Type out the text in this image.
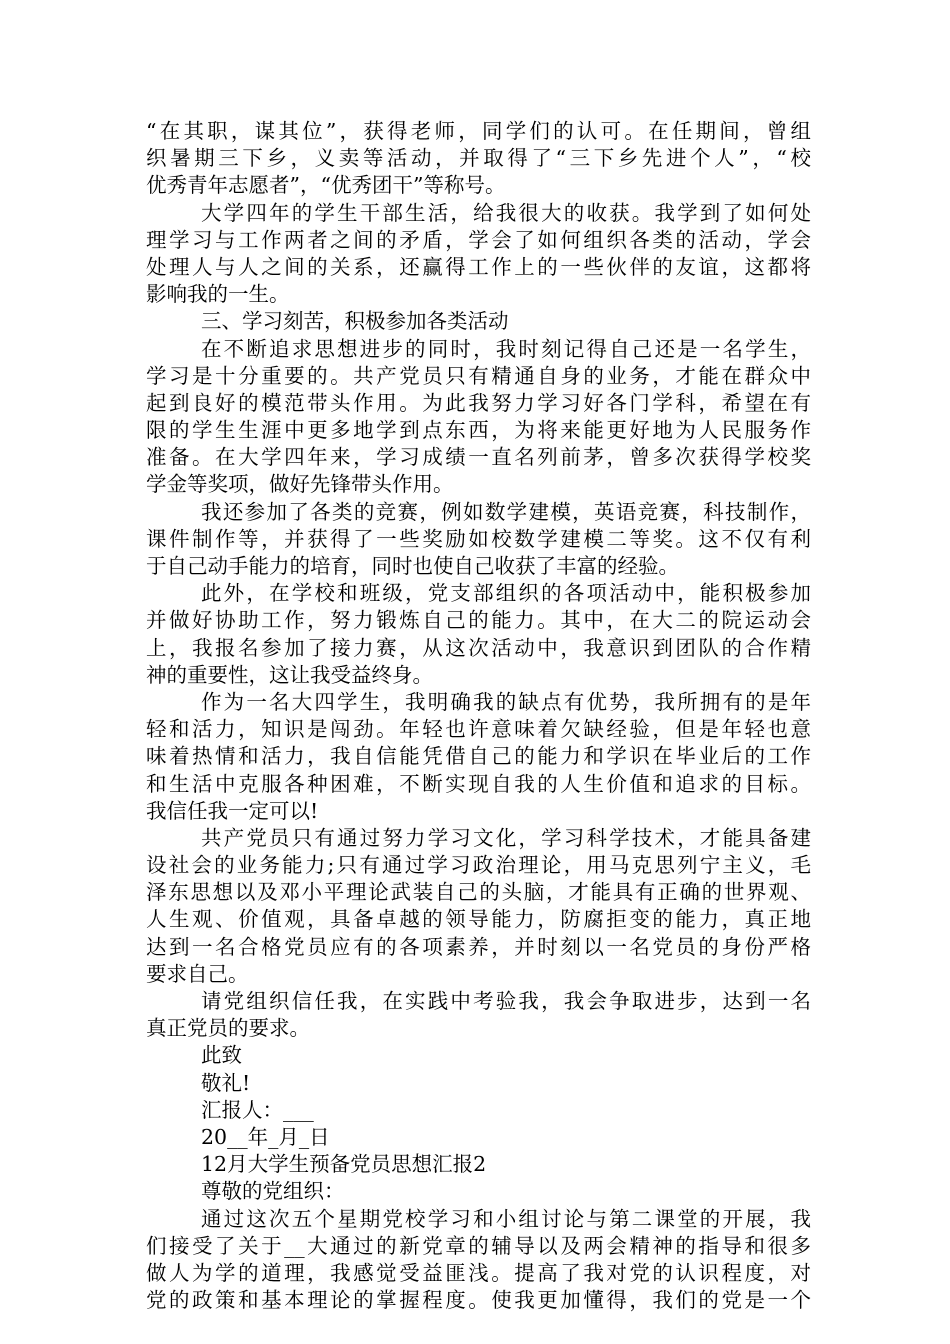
“在其职，谋其位”，获得老师，同学们的认可。在任期间，曾组
织暑期三下乡，义卖等活动，并取得了“三下乡先进个人”，“校
优秀青年志愿者”，“优秀团干”等称号。
大学四年的学生干部生活，给我很大的收获。我学到了如何处
理学习与工作两者之间的矛盾，学会了如何组织各类的活动，学会
处理人与人之间的关系，还赢得工作上的一些伙伴的友谊，这都将
影响我的一生。
三、学习刻苦，积极参加各类活动
在不断追求思想进步的同时，我时刻记得自己还是一名学生，
学习是十分重要的。共产党员只有精通自身的业务，才能在群众中
起到良好的模范带头作用。为此我努力学习好各门学科，希望在有
限的学生生涯中更多地学到点东西，为将来能更好地为人民服务作
准备。在大学四年来，学习成绩一直名列前茅，曾多次获得学校奖
学金等奖项，做好先锋带头作用。
我还参加了各类的竞赛，例如数学建模，英语竞赛，科技制作，
课件制作等，并获得了一些奖励如校数学建模二等奖。这不仅有利
于自己动手能力的培育，同时也使自己收获了丰富的经验。
此外，在学校和班级，党支部组织的各项活动中，能积极参加
并做好协助工作，努力锻炼自己的能力。其中，在大二的院运动会
上，我报名参加了接力赛，从这次活动中，我意识到团队的合作精
神的重要性，这让我受益终身。
作为一名大四学生，我明确我的缺点有优势，我所拥有的是年
轻和活力，知识是闯劲。年轻也许意味着欠缺经验，但是年轻也意
味着热情和活力，我自信能凭借自己的能力和学识在毕业后的工作
和生活中克服各种困难，不断实现自我的人生价值和追求的目标。
我信任我一定可以!
共产党员只有通过努力学习文化，学习科学技术，才能具备建
设社会的业务能力;只有通过学习政治理论，用马克思列宁主义，毛
泽东思想以及邓小平理论武装自己的头脑，才能具有正确的世界观、
人生观、价值观，具备卓越的领导能力，防腐拒变的能力，真正地
达到一名合格党员应有的各项素养，并时刻以一名党员的身份严格
要求自己。
请党组织信任我，在实践中考验我，我会争取进步，达到一名
真正党员的要求。
此致
敬礼!
汇报人：___
20__年_月_日
12月大学生预备党员思想汇报2
尊敬的党组织：
通过这次五个星期党校学习和小组讨论与第二课堂的开展，我
们接受了关于__大通过的新党章的辅导以及两会精神的指导和很多
做人为学的道理，我感觉受益匪浅。提高了我对党的认识程度，对
党的政策和基本理论的掌握程度。使我更加懂得，我们的党是一个
